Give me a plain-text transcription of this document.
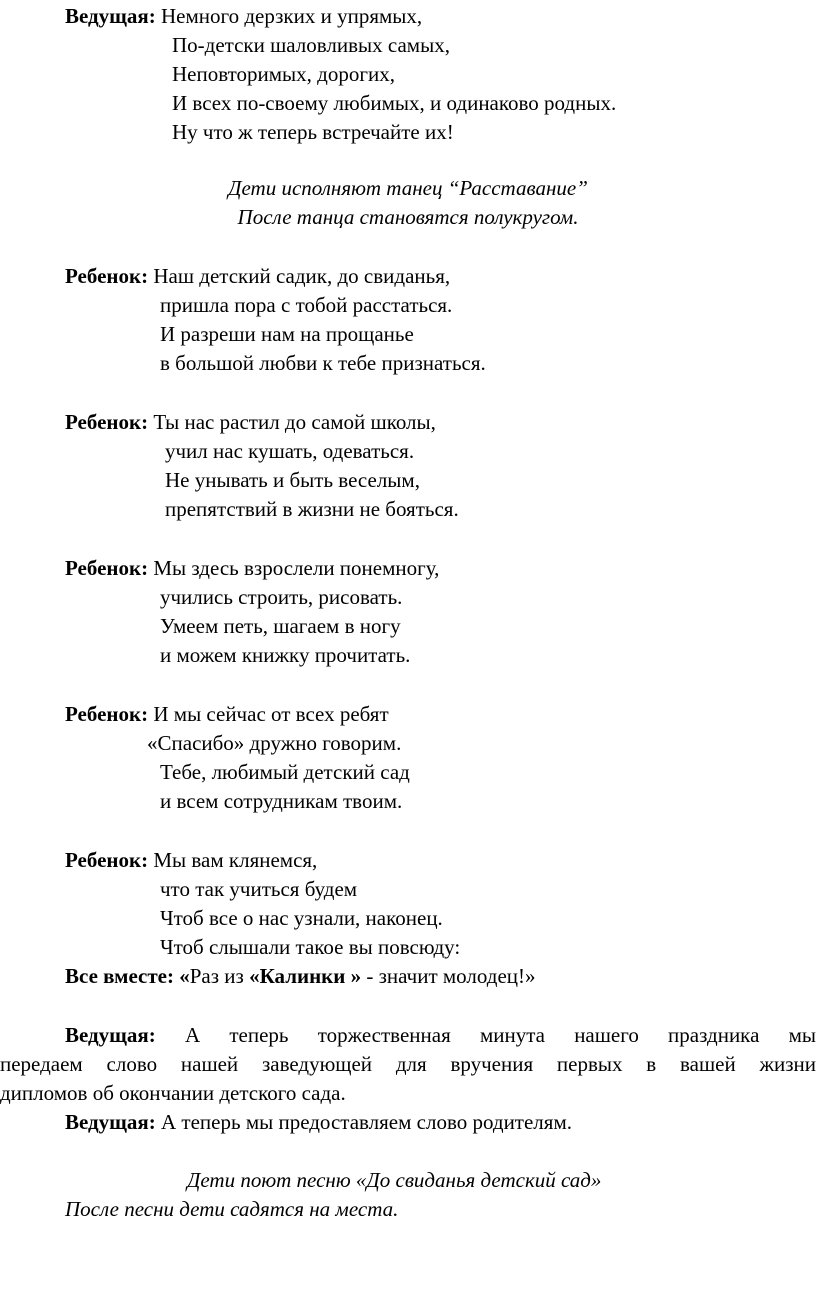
Ведущая: Немного дерзких и упрямых,
По-детски шаловливых самых,
Неповторимых, дорогих,
И всех по-своему любимых, и одинаково родных.
Ну что ж теперь встречайте их!
Дети исполняют танец “Расставание”
После танца становятся полукругом.
Ребенок: Наш детский садик, до свиданья,
пришла пора с тобой расстаться.
И разреши нам на прощанье
в большой любви к тебе признаться.
Ребенок: Ты нас растил до самой школы,
учил нас кушать, одеваться.
Не унывать и быть веселым,
препятствий в жизни не бояться.
Ребенок: Мы здесь взрослели понемногу,
учились строить, рисовать.
Умеем петь, шагаем в ногу
и можем книжку прочитать.
Ребенок: И мы сейчас от всех ребят
«Спасибо» дружно говорим.
Тебе, любимый детский сад
и всем сотрудникам твоим.
Ребенок: Мы вам клянемся,
что так учиться будем
Чтоб все о нас узнали, наконец.
Чтоб слышали такое вы повсюду:
Все вместе: «Раз из «Калинки » - значит молодец!»
Ведущая: А теперь торжественная минута нашего праздника мы
передаем слово нашей заведующей для вручения первых в вашей жизни
дипломов об окончании детского сада.
Ведущая: А теперь мы предоставляем слово родителям.
Дети поют песню «До свиданья детский сад»
После песни дети садятся на места.
